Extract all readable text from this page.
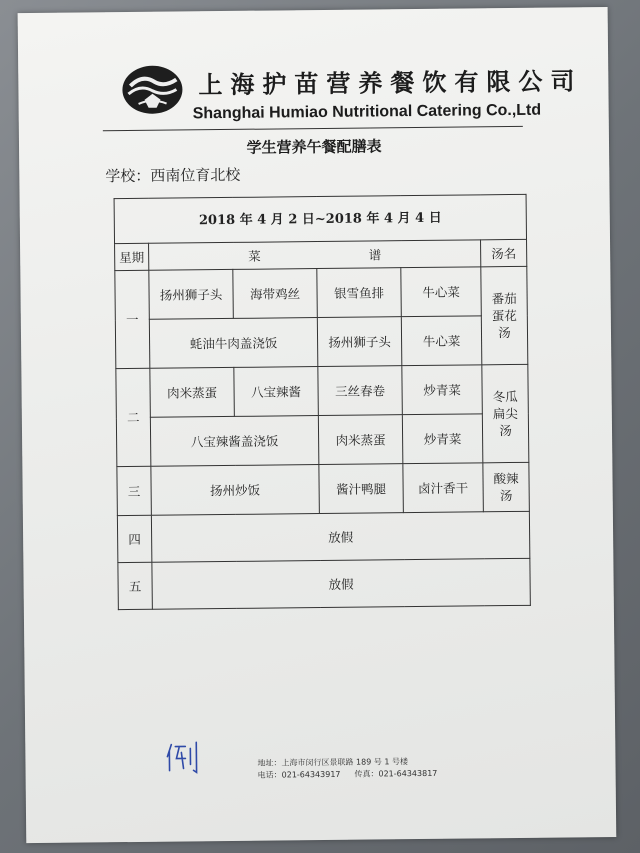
上海护苗营养餐饮有限公司
Shanghai Humiao Nutritional Catering Co.,Ltd
学生营养午餐配膳表
学校：西南位育北校
2018 年 4 月 2 日~2018 年 4 月 4 日					
星期	菜 谱				汤名
一	扬州狮子头	海带鸡丝	银雪鱼排	牛心菜	番茄蛋花汤
	蚝油牛肉盖浇饭		扬州狮子头	牛心菜	
二	肉米蒸蛋	八宝辣酱	三丝春卷	炒青菜	冬瓜扁尖汤
	八宝辣酱盖浇饭		肉米蒸蛋	炒青菜	
三	扬州炒饭		酱汁鸭腿	卤汁香干	酸辣汤
四	放假				
五	放假				
地址：上海市闵行区景联路 189 号 1 号楼
电话：021-64343917 传真：021-64343817
